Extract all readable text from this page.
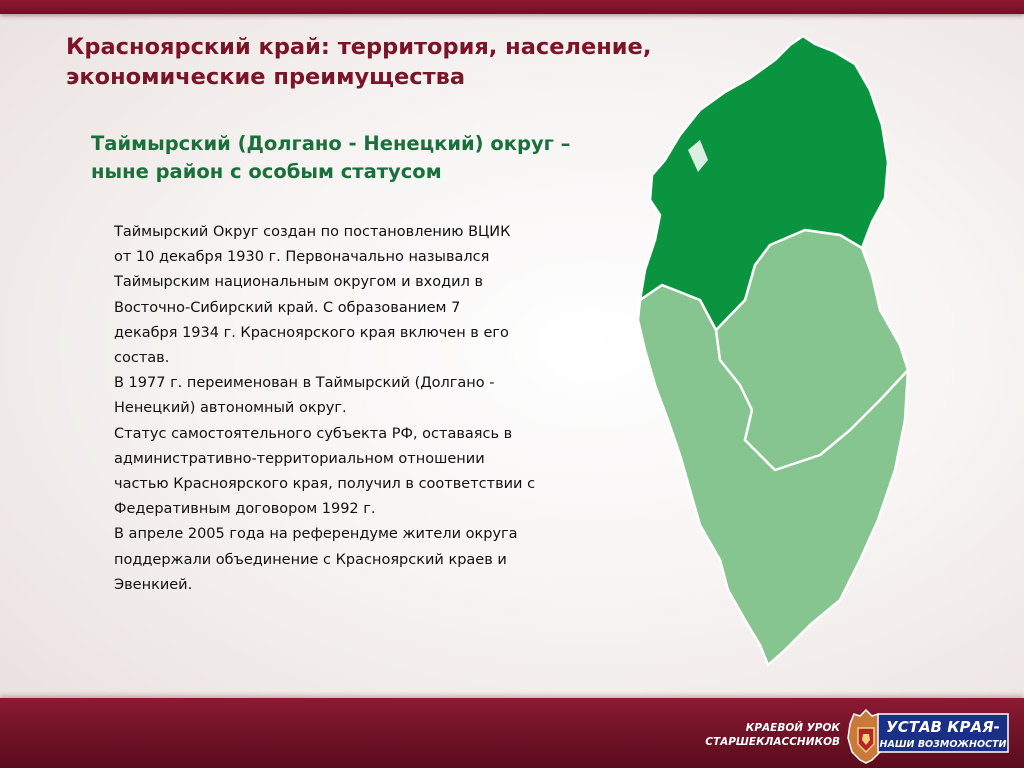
Красноярский край: территория, население,
экономические преимущества
Таймырский (Долгано - Ненецкий) округ –
ныне район с особым статусом

Таймырский Округ создан по постановлению ВЦИК
от 10 декабря 1930 г. Первоначально назывался
Таймырским национальным округом и входил в
Восточно-Сибирский край. С образованием 7
декабря 1934 г. Красноярского края включен в его
состав.
В 1977 г. переименован в Таймырский (Долгано -
Ненецкий) автономный округ.
Статус самостоятельного субъекта РФ, оставаясь в
административно-территориальном отношении
частью Красноярского края, получил в соответствии с
Федеративным договором 1992 г.
В апреле 2005 года на референдуме жители округа
поддержали объединение с Красноярский краев и
Эвенкией.

КРАЕВОЙ УРОК
СТАРШЕКЛАССНИКОВ
УСТАВ КРАЯ-
НАШИ ВОЗМОЖНОСТИ
